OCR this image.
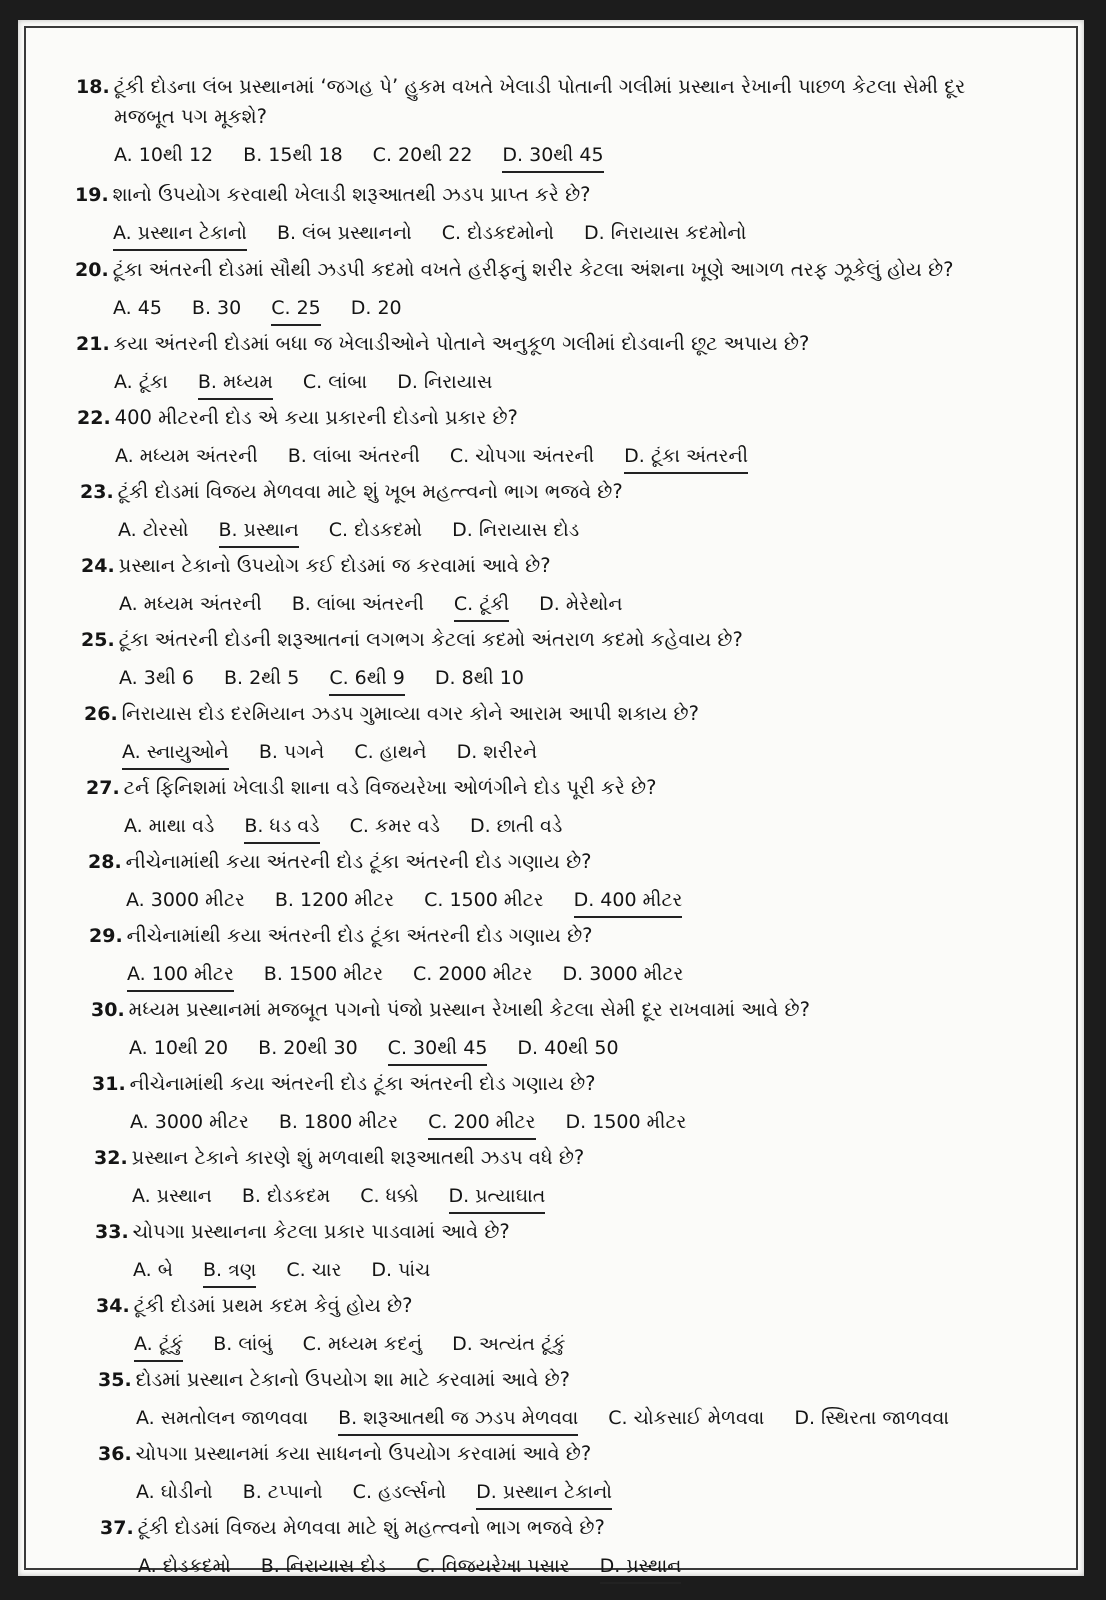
18. ટૂંકી દોડના લંબ પ્રસ્થાનમાં ‘જગહ પે’ હુકમ વખતે ખેલાડી પોતાની ગલીમાં પ્રસ્થાન રેખાની પાછળ કેટલા સેમી દૂર
મજબૂત પગ મૂકશે?
A. 10થી 12 B. 15થી 18 C. 20થી 22 D. 30થી 45
19. શાનો ઉપયોગ કરવાથી ખેલાડી શરૂઆતથી ઝડપ પ્રાપ્ત કરે છે?
A. પ્રસ્થાન ટેકાનો B. લંબ પ્રસ્થાનનો C. દોડકદમોનો D. નિરાયાસ કદમોનો
20. ટૂંકા અંતરની દોડમાં સૌથી ઝડપી કદમો વખતે હરીફનું શરીર કેટલા અંશના ખૂણે આગળ તરફ ઝૂકેલું હોય છે?
A. 45 B. 30 C. 25 D. 20
21. કયા અંતરની દોડમાં બધા જ ખેલાડીઓને પોતાને અનુકૂળ ગલીમાં દોડવાની છૂટ અપાય છે?
A. ટૂંકા B. મધ્યમ C. લાંબા D. નિરાયાસ
22. 400 મીટરની દોડ એ કયા પ્રકારની દોડનો પ્રકાર છે?
A. મધ્યમ અંતરની B. લાંબા અંતરની C. ચોપગા અંતરની D. ટૂંકા અંતરની
23. ટૂંકી દોડમાં વિજય મેળવવા માટે શું ખૂબ મહત્ત્વનો ભાગ ભજવે છે?
A. ટોરસો B. પ્રસ્થાન C. દોડકદમો D. નિરાયાસ દોડ
24. પ્રસ્થાન ટેકાનો ઉપયોગ કઈ દોડમાં જ કરવામાં આવે છે?
A. મધ્યમ અંતરની B. લાંબા અંતરની C. ટૂંકી D. મેરેથોન
25. ટૂંકા અંતરની દોડની શરૂઆતનાં લગભગ કેટલાં કદમો અંતરાળ કદમો કહેવાય છે?
A. 3થી 6 B. 2થી 5 C. 6થી 9 D. 8થી 10
26. નિરાયાસ દોડ દરમિયાન ઝડપ ગુમાવ્યા વગર કોને આરામ આપી શકાય છે?
A. સ્નાયુઓને B. પગને C. હાથને D. શરીરને
27. ટર્ન ફિનિશમાં ખેલાડી શાના વડે વિજયરેખા ઓળંગીને દોડ પૂરી કરે છે?
A. માથા વડે B. ધડ વડે C. કમર વડે D. છાતી વડે
28. નીચેનામાંથી કયા અંતરની દોડ ટૂંકા અંતરની દોડ ગણાય છે?
A. 3000 મીટર B. 1200 મીટર C. 1500 મીટર D. 400 મીટર
29. નીચેનામાંથી કયા અંતરની દોડ ટૂંકા અંતરની દોડ ગણાય છે?
A. 100 મીટર B. 1500 મીટર C. 2000 મીટર D. 3000 મીટર
30. મધ્યમ પ્રસ્થાનમાં મજબૂત પગનો પંજો પ્રસ્થાન રેખાથી કેટલા સેમી દૂર રાખવામાં આવે છે?
A. 10થી 20 B. 20થી 30 C. 30થી 45 D. 40થી 50
31. નીચેનામાંથી કયા અંતરની દોડ ટૂંકા અંતરની દોડ ગણાય છે?
A. 3000 મીટર B. 1800 મીટર C. 200 મીટર D. 1500 મીટર
32. પ્રસ્થાન ટેકાને કારણે શું મળવાથી શરૂઆતથી ઝડપ વધે છે?
A. પ્રસ્થાન B. દોડકદમ C. ધક્કો D. પ્રત્યાઘાત
33. ચોપગા પ્રસ્થાનના કેટલા પ્રકાર પાડવામાં આવે છે?
A. બે B. ત્રણ C. ચાર D. પાંચ
34. ટૂંકી દોડમાં પ્રથમ કદમ કેવું હોય છે?
A. ટૂંકું B. લાંબું C. મધ્યમ કદનું D. અત્યંત ટૂંકું
35. દોડમાં પ્રસ્થાન ટેકાનો ઉપયોગ શા માટે કરવામાં આવે છે?
A. સમતોલન જાળવવા B. શરૂઆતથી જ ઝડપ મેળવવા C. ચોકસાઈ મેળવવા D. સ્થિરતા જાળવવા
36. ચોપગા પ્રસ્થાનમાં કયા સાધનનો ઉપયોગ કરવામાં આવે છે?
A. ઘોડીનો B. ટપ્પાનો C. હડર્લ્સનો D. પ્રસ્થાન ટેકાનો
37. ટૂંકી દોડમાં વિજય મેળવવા માટે શું મહત્ત્વનો ભાગ ભજવે છે?
A. દોડકદમો B. નિરાયાસ દોડ C. વિજયરેખા પસાર D. પ્રસ્થાન
